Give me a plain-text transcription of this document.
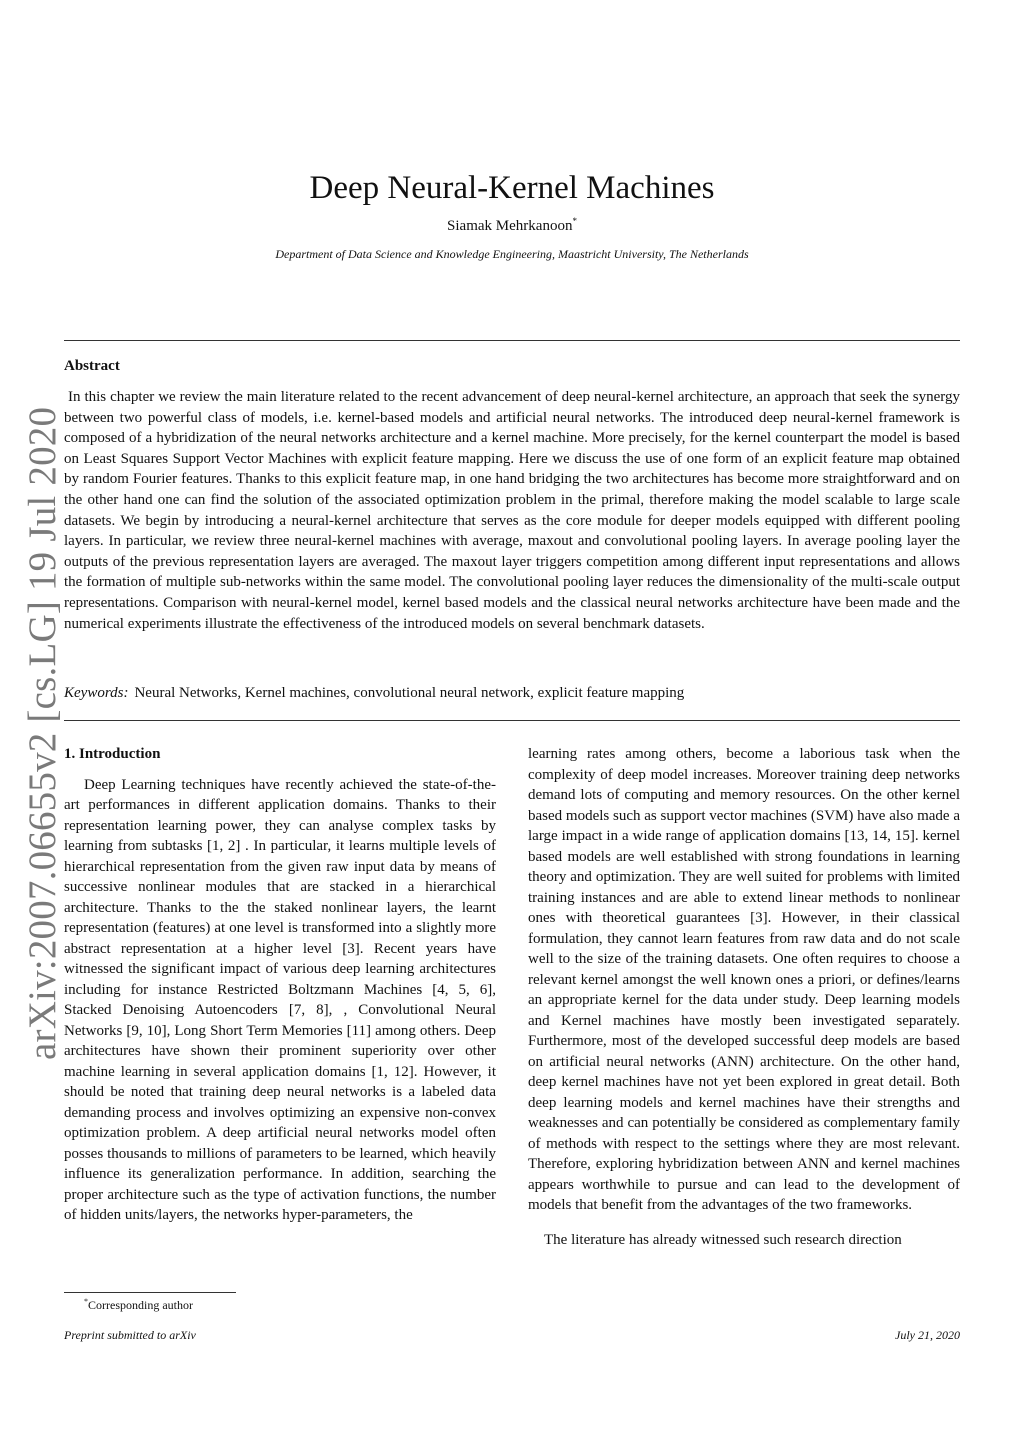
arXiv:2007.06655v2 [cs.LG] 19 Jul 2020
Deep Neural-Kernel Machines
Siamak Mehrkanoon*
Department of Data Science and Knowledge Engineering, Maastricht University, The Netherlands
Abstract

In this chapter we review the main literature related to the recent advancement of deep neural-kernel architecture, an approach that seek the synergy between two powerful class of models, i.e. kernel-based models and artificial neural networks. The introduced deep neural-kernel framework is composed of a hybridization of the neural networks architecture and a kernel machine. More precisely, for the kernel counterpart the model is based on Least Squares Support Vector Machines with explicit feature mapping. Here we discuss the use of one form of an explicit feature map obtained by random Fourier features. Thanks to this explicit feature map, in one hand bridging the two architectures has become more straightforward and on the other hand one can find the solution of the associated optimization problem in the primal, therefore making the model scalable to large scale datasets. We begin by introducing a neural-kernel architecture that serves as the core module for deeper models equipped with different pooling layers. In particular, we review three neural-kernel machines with average, maxout and convolutional pooling layers. In average pooling layer the outputs of the previous representation layers are averaged. The maxout layer triggers competition among different input representations and allows the formation of multiple sub-networks within the same model. The convolutional pooling layer reduces the dimensionality of the multi-scale output representations. Comparison with neural-kernel model, kernel based models and the classical neural networks architecture have been made and the numerical experiments illustrate the effectiveness of the introduced models on several benchmark datasets.

Keywords: Neural Networks, Kernel machines, convolutional neural network, explicit feature mapping
1. Introduction

Deep Learning techniques have recently achieved the state-of-the-art performances in different application domains. Thanks to their representation learning power, they can analyse complex tasks by learning from subtasks [1, 2] . In particular, it learns multiple levels of hierarchical representation from the given raw input data by means of successive nonlinear modules that are stacked in a hierarchical architecture. Thanks to the the staked nonlinear layers, the learnt representation (features) at one level is transformed into a slightly more abstract representation at a higher level [3]. Recent years have witnessed the significant impact of various deep learning architectures including for instance Restricted Boltzmann Machines [4, 5, 6], Stacked Denoising Autoencoders [7, 8], , Convolutional Neural Networks [9, 10], Long Short Term Memories [11] among others. Deep architectures have shown their prominent superiority over other machine learning in several application domains [1, 12]. However, it should be noted that training deep neural networks is a labeled data demanding process and involves optimizing an expensive non-convex optimization problem. A deep artificial neural networks model often posses thousands to millions of parameters to be learned, which heavily influence its generalization performance. In addition, searching the proper architecture such as the type of activation functions, the number of hidden units/layers, the networks hyper-parameters, the

learning rates among others, become a laborious task when the complexity of deep model increases. Moreover training deep networks demand lots of computing and memory resources. On the other kernel based models such as support vector machines (SVM) have also made a large impact in a wide range of application domains [13, 14, 15]. kernel based models are well established with strong foundations in learning theory and optimization. They are well suited for problems with limited training instances and are able to extend linear methods to nonlinear ones with theoretical guarantees [3]. However, in their classical formulation, they cannot learn features from raw data and do not scale well to the size of the training datasets. One often requires to choose a relevant kernel amongst the well known ones a priori, or defines/learns an appropriate kernel for the data under study. Deep learning models and Kernel machines have mostly been investigated separately. Furthermore, most of the developed successful deep models are based on artificial neural networks (ANN) architecture. On the other hand, deep kernel machines have not yet been explored in great detail. Both deep learning models and kernel machines have their strengths and weaknesses and can potentially be considered as complementary family of methods with respect to the settings where they are most relevant. Therefore, exploring hybridization between ANN and kernel machines appears worthwhile to pursue and can lead to the development of models that benefit from the advantages of the two frameworks.

The literature has already witnessed such research direction

*Corresponding author
Preprint submitted to arXiv	July 21, 2020
